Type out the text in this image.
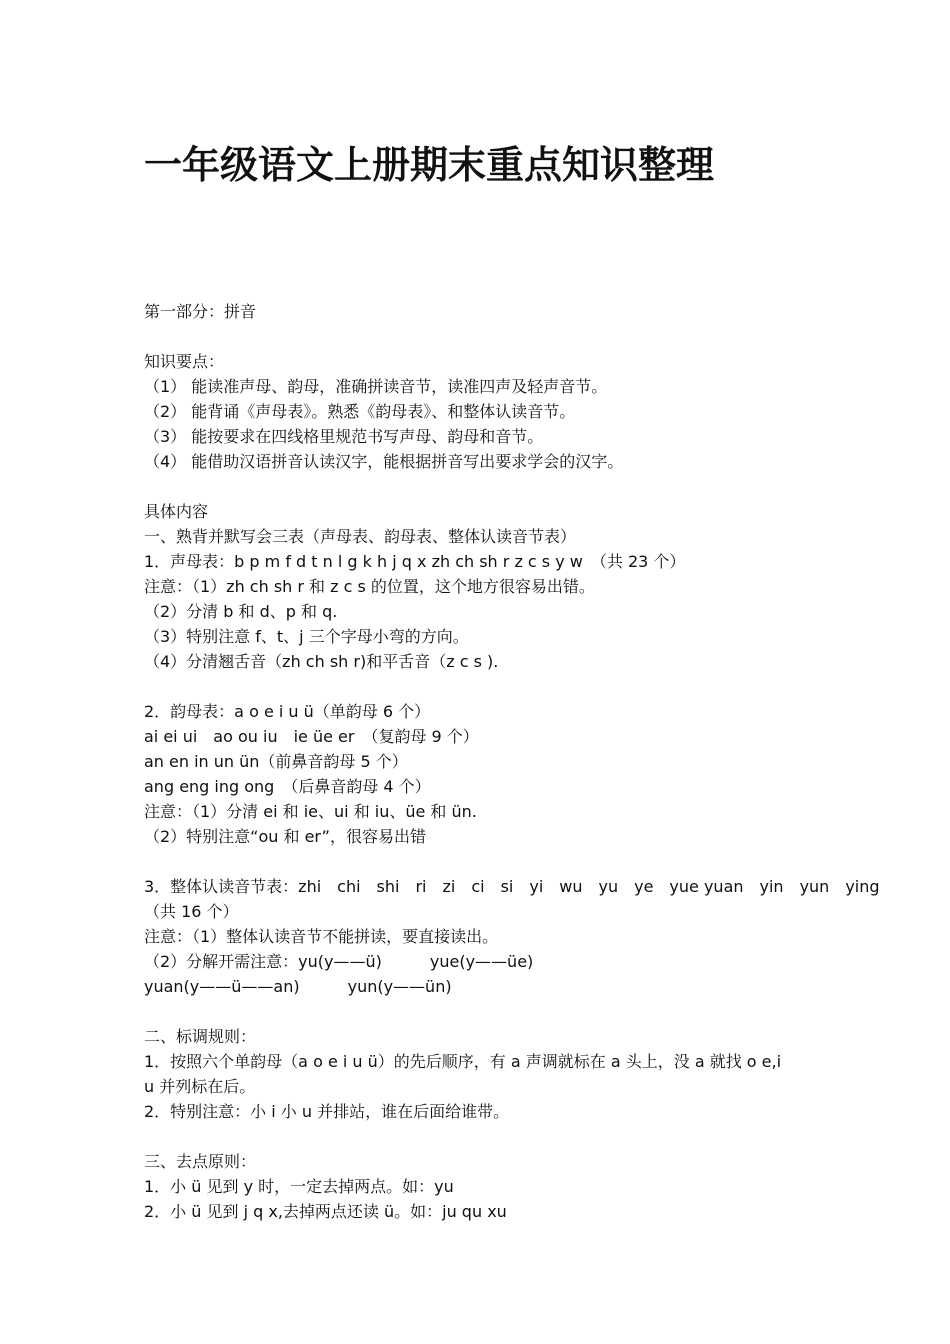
一年级语文上册期末重点知识整理
第一部分：拼音
知识要点：
（1） 能读准声母、韵母，准确拼读音节，读准四声及轻声音节。
（2） 能背诵《声母表》。熟悉《韵母表》、和整体认读音节。
（3） 能按要求在四线格里规范书写声母、韵母和音节。
（4） 能借助汉语拼音认读汉字，能根据拼音写出要求学会的汉字。
具体内容
一、熟背并默写会三表（声母表、韵母表、整体认读音节表）
1．声母表：b p m f d t n l g k h j q x zh ch sh r z c s y w　（共 23 个）
注意：（1）zh ch sh r 和 z c s 的位置，这个地方很容易出错。
（2）分清 b 和 d、p 和 q.
（3）特别注意 f、t、j 三个字母小弯的方向。
（4）分清翘舌音（zh ch sh r)和平舌音（z c s ).
2．韵母表：a o e i u ü（单韵母 6 个）
ai ei ui　ao ou iu　ie üe er　（复韵母 9 个）
an en in un ün（前鼻音韵母 5 个）
ang eng ing ong　（后鼻音韵母 4 个）
注意：（1）分清 ei 和 ie、ui 和 iu、üe 和 ün.
（2）特别注意“ou 和 er”，很容易出错
3．整体认读音节表：zhi　chi　shi　ri　zi　ci　si　yi　wu　yu　ye　yue yuan　yin　yun　ying
（共 16 个）
注意：（1）整体认读音节不能拼读，要直接读出。
（2）分解开需注意：yu(y——ü)　　　yue(y——üe)
yuan(y——ü——an)　　　yun(y——ün)
二、标调规则：
1．按照六个单韵母（a o e i u ü）的先后顺序，有 a 声调就标在 a 头上，没 a 就找 o e,i
u 并列标在后。
2．特别注意：小 i 小 u 并排站，谁在后面给谁带。
三、去点原则：
1．小 ü 见到 y 时，一定去掉两点。如：yu
2．小 ü 见到 j q x,去掉两点还读 ü。如：ju qu xu
